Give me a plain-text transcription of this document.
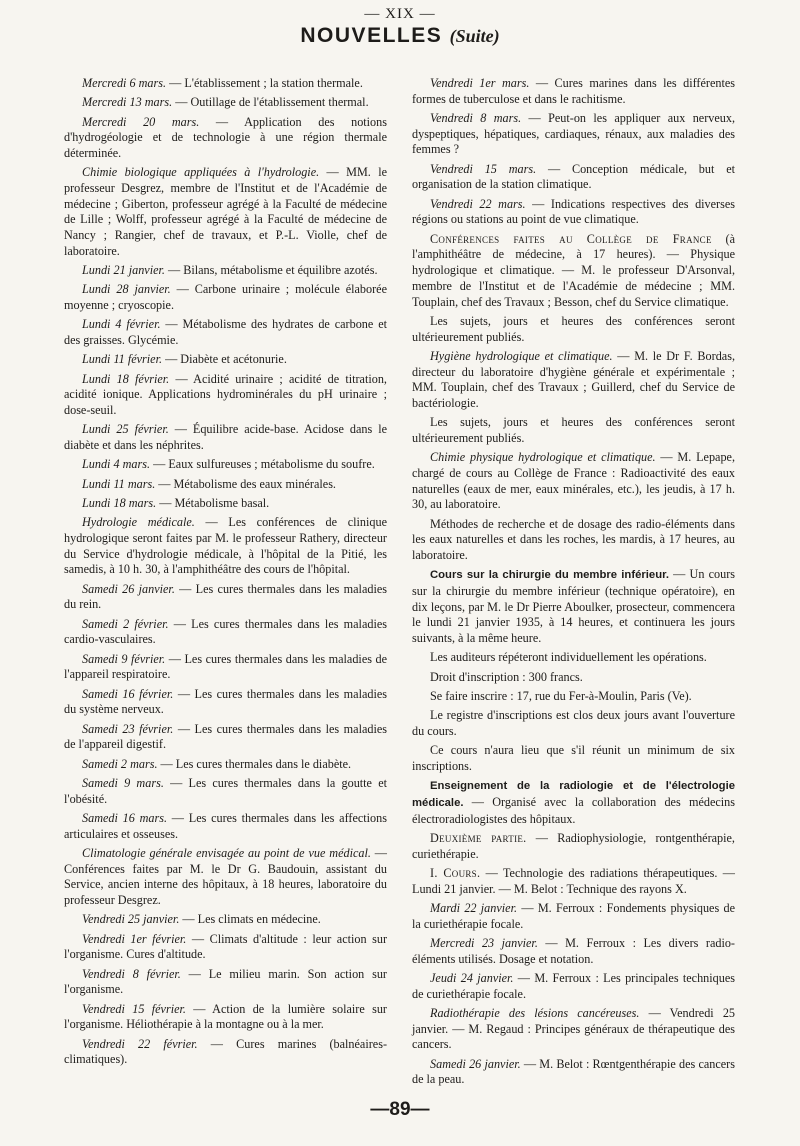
— XIX —
NOUVELLES (Suite)

Mercredi 6 mars. — L'établissement ; la station thermale.

Mercredi 13 mars. — Outillage de l'établissement thermal.

Mercredi 20 mars. — Application des notions d'hydrogéologie et de technologie à une région thermale déterminée.

Chimie biologique appliquées à l'hydrologie. — MM. le professeur Desgrez, membre de l'Institut et de l'Académie de médecine ; Giberton, professeur agrégé à la Faculté de médecine de Lille ; Wolff, professeur agrégé à la Faculté de médecine de Nancy ; Rangier, chef de travaux, et P.-L. Violle, chef de laboratoire.

Lundi 21 janvier. — Bilans, métabolisme et équilibre azotés.

Lundi 28 janvier. — Carbone urinaire ; molécule élaborée moyenne ; cryoscopie.

Lundi 4 février. — Métabolisme des hydrates de carbone et des graisses. Glycémie.

Lundi 11 février. — Diabète et acétonurie.

Lundi 18 février. — Acidité urinaire ; acidité de titration, acidité ionique. Applications hydrominérales du pH urinaire ; dose-seuil.

Lundi 25 février. — Équilibre acide-base. Acidose dans le diabète et dans les néphrites.

Lundi 4 mars. — Eaux sulfureuses ; métabolisme du soufre.

Lundi 11 mars. — Métabolisme des eaux minérales.

Lundi 18 mars. — Métabolisme basal.

Hydrologie médicale. — Les conférences de clinique hydrologique seront faites par M. le professeur Rathery, directeur du Service d'hydrologie médicale, à l'hôpital de la Pitié, les samedis, à 10 h. 30, à l'amphithéâtre des cours de l'hôpital.

Samedi 26 janvier. — Les cures thermales dans les maladies du rein.

Samedi 2 février. — Les cures thermales dans les maladies cardio-vasculaires.

Samedi 9 février. — Les cures thermales dans les maladies de l'appareil respiratoire.

Samedi 16 février. — Les cures thermales dans les maladies du système nerveux.

Samedi 23 février. — Les cures thermales dans les maladies de l'appareil digestif.

Samedi 2 mars. — Les cures thermales dans le diabète.

Samedi 9 mars. — Les cures thermales dans la goutte et l'obésité.

Samedi 16 mars. — Les cures thermales dans les affections articulaires et osseuses.

Climatologie générale envisagée au point de vue médical. — Conférences faites par M. le Dr G. Baudouin, assistant du Service, ancien interne des hôpitaux, à 18 heures, laboratoire du professeur Desgrez.

Vendredi 25 janvier. — Les climats en médecine.

Vendredi 1er février. — Climats d'altitude : leur action sur l'organisme. Cures d'altitude.

Vendredi 8 février. — Le milieu marin. Son action sur l'organisme.

Vendredi 15 février. — Action de la lumière solaire sur l'organisme. Héliothérapie à la montagne ou à la mer.

Vendredi 22 février. — Cures marines (balnéaires-climatiques).

Vendredi 1er mars. — Cures marines dans les différentes formes de tuberculose et dans le rachitisme.

Vendredi 8 mars. — Peut-on les appliquer aux nerveux, dyspeptiques, hépatiques, cardiaques, rénaux, aux maladies des femmes ?

Vendredi 15 mars. — Conception médicale, but et organisation de la station climatique.

Vendredi 22 mars. — Indications respectives des diverses régions ou stations au point de vue climatique.

Conférences faites au Collège de France (à l'amphithéâtre de médecine, à 17 heures). — Physique hydrologique et climatique. — M. le professeur D'Arsonval, membre de l'Institut et de l'Académie de médecine ; MM. Touplain, chef des Travaux ; Besson, chef du Service climatique.

Les sujets, jours et heures des conférences seront ultérieurement publiés.

Hygiène hydrologique et climatique. — M. le Dr F. Bordas, directeur du laboratoire d'hygiène générale et expérimentale ; MM. Touplain, chef des Travaux ; Guillerd, chef du Service de bactériologie.

Les sujets, jours et heures des conférences seront ultérieurement publiés.

Chimie physique hydrologique et climatique. — M. Lepape, chargé de cours au Collège de France : Radioactivité des eaux naturelles (eaux de mer, eaux minérales, etc.), les jeudis, à 17 h. 30, au laboratoire.

Méthodes de recherche et de dosage des radio-éléments dans les eaux naturelles et dans les roches, les mardis, à 17 heures, au laboratoire.

Cours sur la chirurgie du membre inférieur. — Un cours sur la chirurgie du membre inférieur (technique opératoire), en dix leçons, par M. le Dr Pierre Aboulker, prosecteur, commencera le lundi 21 janvier 1935, à 14 heures, et continuera les jours suivants, à la même heure.

Les auditeurs répéteront individuellement les opérations.

Droit d'inscription : 300 francs.

Se faire inscrire : 17, rue du Fer-à-Moulin, Paris (Ve).

Le registre d'inscriptions est clos deux jours avant l'ouverture du cours.

Ce cours n'aura lieu que s'il réunit un minimum de six inscriptions.

Enseignement de la radiologie et de l'électrologie médicale. — Organisé avec la collaboration des médecins électroradiologistes des hôpitaux.

Deuxième partie. — Radiophysiologie, rontgenthérapie, curiethérapie.

I. Cours. — Technologie des radiations thérapeutiques. — Lundi 21 janvier. — M. Belot : Technique des rayons X.

Mardi 22 janvier. — M. Ferroux : Fondements physiques de la curiethérapie focale.

Mercredi 23 janvier. — M. Ferroux : Les divers radio-éléments utilisés. Dosage et notation.

Jeudi 24 janvier. — M. Ferroux : Les principales techniques de curiethérapie focale.

Radiothérapie des lésions cancéreuses. — Vendredi 25 janvier. — M. Regaud : Principes généraux de thérapeutique des cancers.

Samedi 26 janvier. — M. Belot : Rœntgenthérapie des cancers de la peau.

—89—
